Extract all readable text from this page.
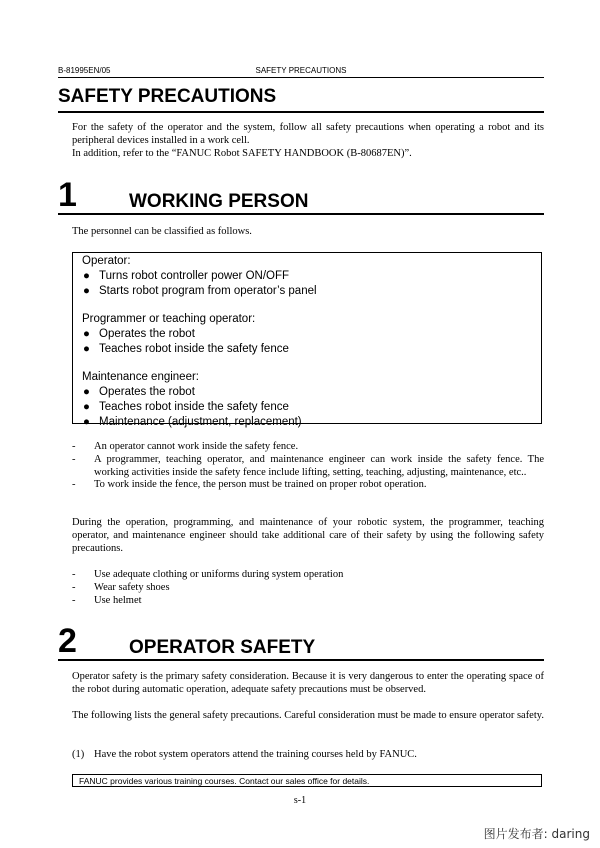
B-81995EN/05	SAFETY PRECAUTIONS
SAFETY PRECAUTIONS

For the safety of the operator and the system, follow all safety precautions when operating a robot and its peripheral devices installed in a work cell.

In addition, refer to the “FANUC Robot SAFETY HANDBOOK (B-80687EN)”.

1	WORKING PERSON

The personnel can be classified as follows.

Operator:

● Turns robot controller power ON/OFF
● Starts robot program from operator’s panel

Programmer or teaching operator:

● Operates the robot
● Teaches robot inside the safety fence

Maintenance engineer:

● Operates the robot
● Teaches robot inside the safety fence
● Maintenance (adjustment, replacement)
- An operator cannot work inside the safety fence.
- A programmer, teaching operator, and maintenance engineer can work inside the safety fence. The working activities inside the safety fence include lifting, setting, teaching, adjusting, maintenance, etc..
- To work inside the fence, the person must be trained on proper robot operation.

During the operation, programming, and maintenance of your robotic system, the programmer, teaching operator, and maintenance engineer should take additional care of their safety by using the following safety precautions.

- Use adequate clothing or uniforms during system operation
- Wear safety shoes
- Use helmet
2	OPERATOR SAFETY

Operator safety is the primary safety consideration. Because it is very dangerous to enter the operating space of the robot during automatic operation, adequate safety precautions must be observed.

The following lists the general safety precautions. Careful consideration must be made to ensure operator safety.

(1) Have the robot system operators attend the training courses held by FANUC.

FANUC provides various training courses. Contact our sales office for details.
s-1
图片发布者: daring
